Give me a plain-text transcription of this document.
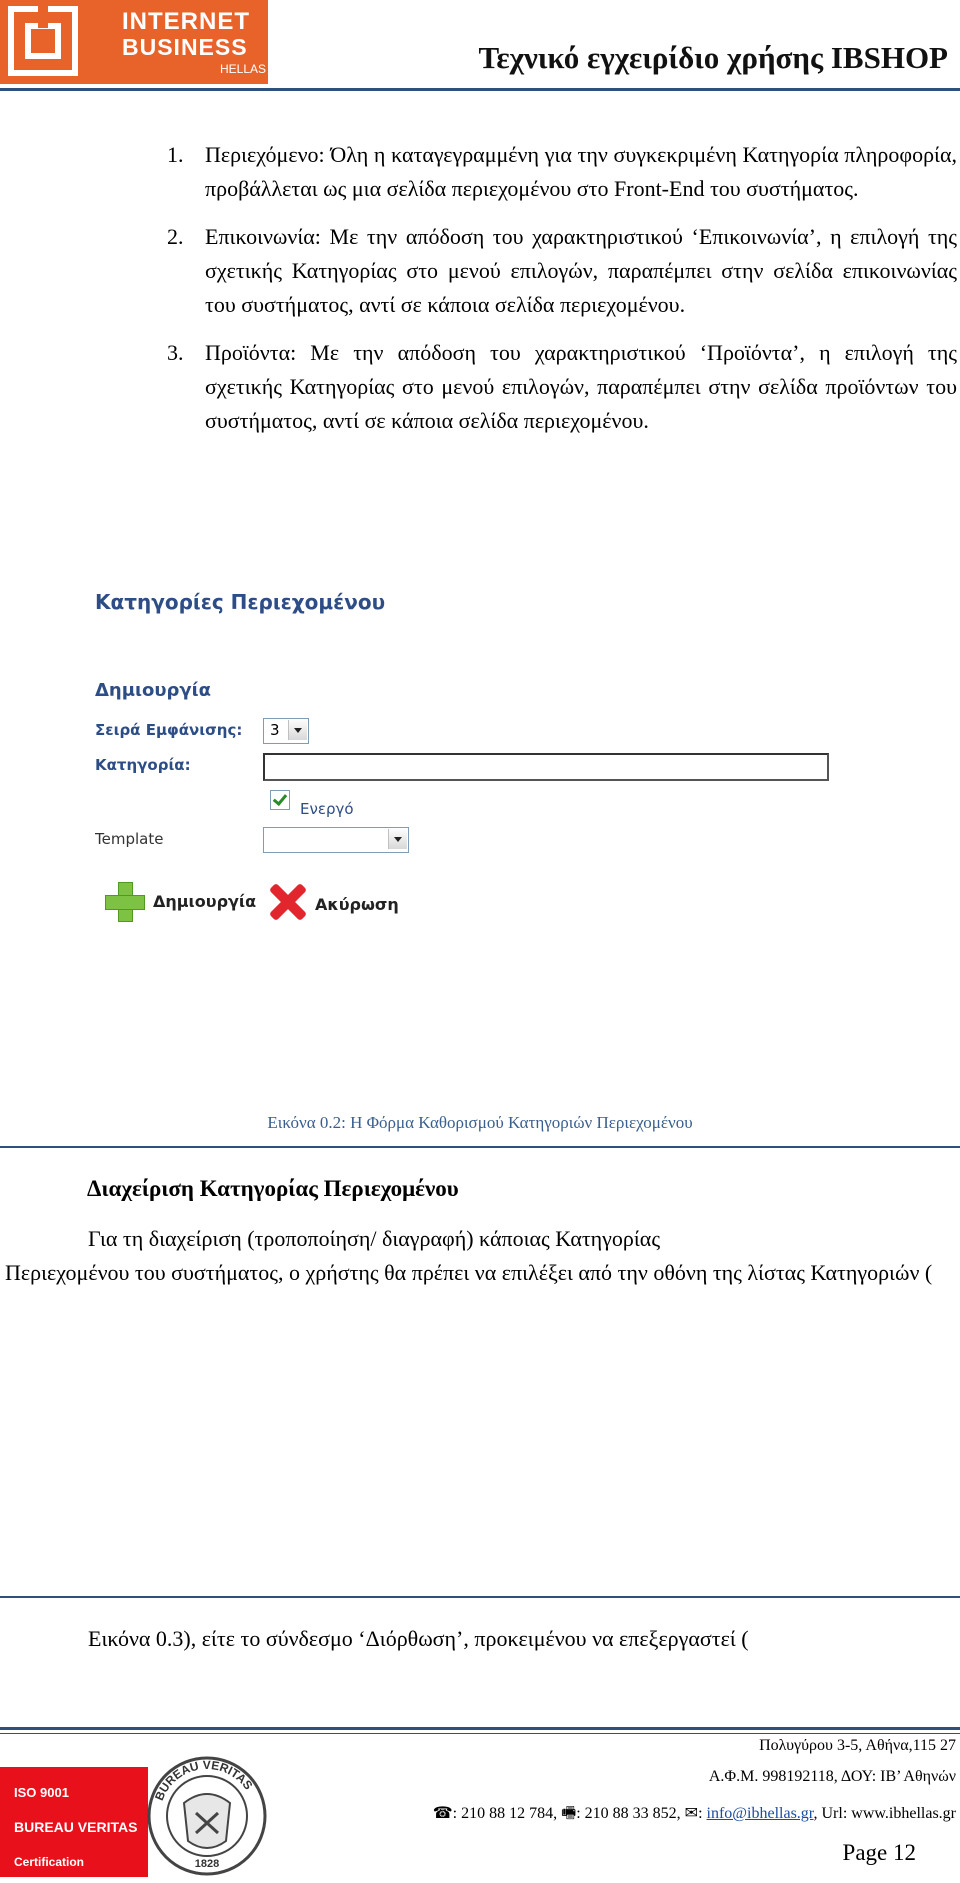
INTERNET
BUSINESS
HELLAS	Τεχνικό εγχειρίδιο χρήσης IBSHOP
1. Περιεχόμενο: Όλη η καταγεγραμμένη για την συγκεκριμένη Κατηγορία πληροφορία, προβάλλεται ως μια σελίδα περιεχομένου στο Front-End του συστήματος.
2. Επικοινωνία: Με την απόδοση του χαρακτηριστικού ‘Επικοινωνία’, η επιλογή της σχετικής Κατηγορίας στο μενού επιλογών, παραπέμπει στην σελίδα επικοινωνίας του συστήματος, αντί σε κάποια σελίδα περιεχομένου.
3. Προϊόντα: Με την απόδοση του χαρακτηριστικού ‘Προϊόντα’, η επιλογή της σχετικής Κατηγορίας στο μενού επιλογών, παραπέμπει στην σελίδα προϊόντων του συστήματος, αντί σε κάποια σελίδα περιεχομένου.
Κατηγορίες Περιεχομένου
Δημιουργία
Σειρά Εμφάνισης: 3
Κατηγορία:
Ενεργό
Template
Δημιουργία	Ακύρωση
Εικόνα 0.2: Η Φόρμα Καθορισμού Κατηγοριών Περιεχομένου
Διαχείριση Κατηγορίας Περιεχομένου
Για τη διαχείριση (τροποποίηση/ διαγραφή) κάποιας Κατηγορίας
Περιεχομένου του συστήματος, ο χρήστης θα πρέπει να επιλέξει από την οθόνη της λίστας Κατηγοριών (
Εικόνα 0.3), είτε το σύνδεσμο ‘Διόρθωση’, προκειμένου να επεξεργαστεί (
Πολυγύρου 3-5, Αθήνα,115 27
Α.Φ.Μ. 998192118, ΔΟΥ: ΙΒ’ Αθηνών
☎: 210 88 12 784, 🖷: 210 88 33 852, ✉: info@ibhellas.gr, Url: www.ibhellas.gr
ISO 9001
BUREAU VERITAS
Certification
BUREAU VERITAS
1828	Page 12
